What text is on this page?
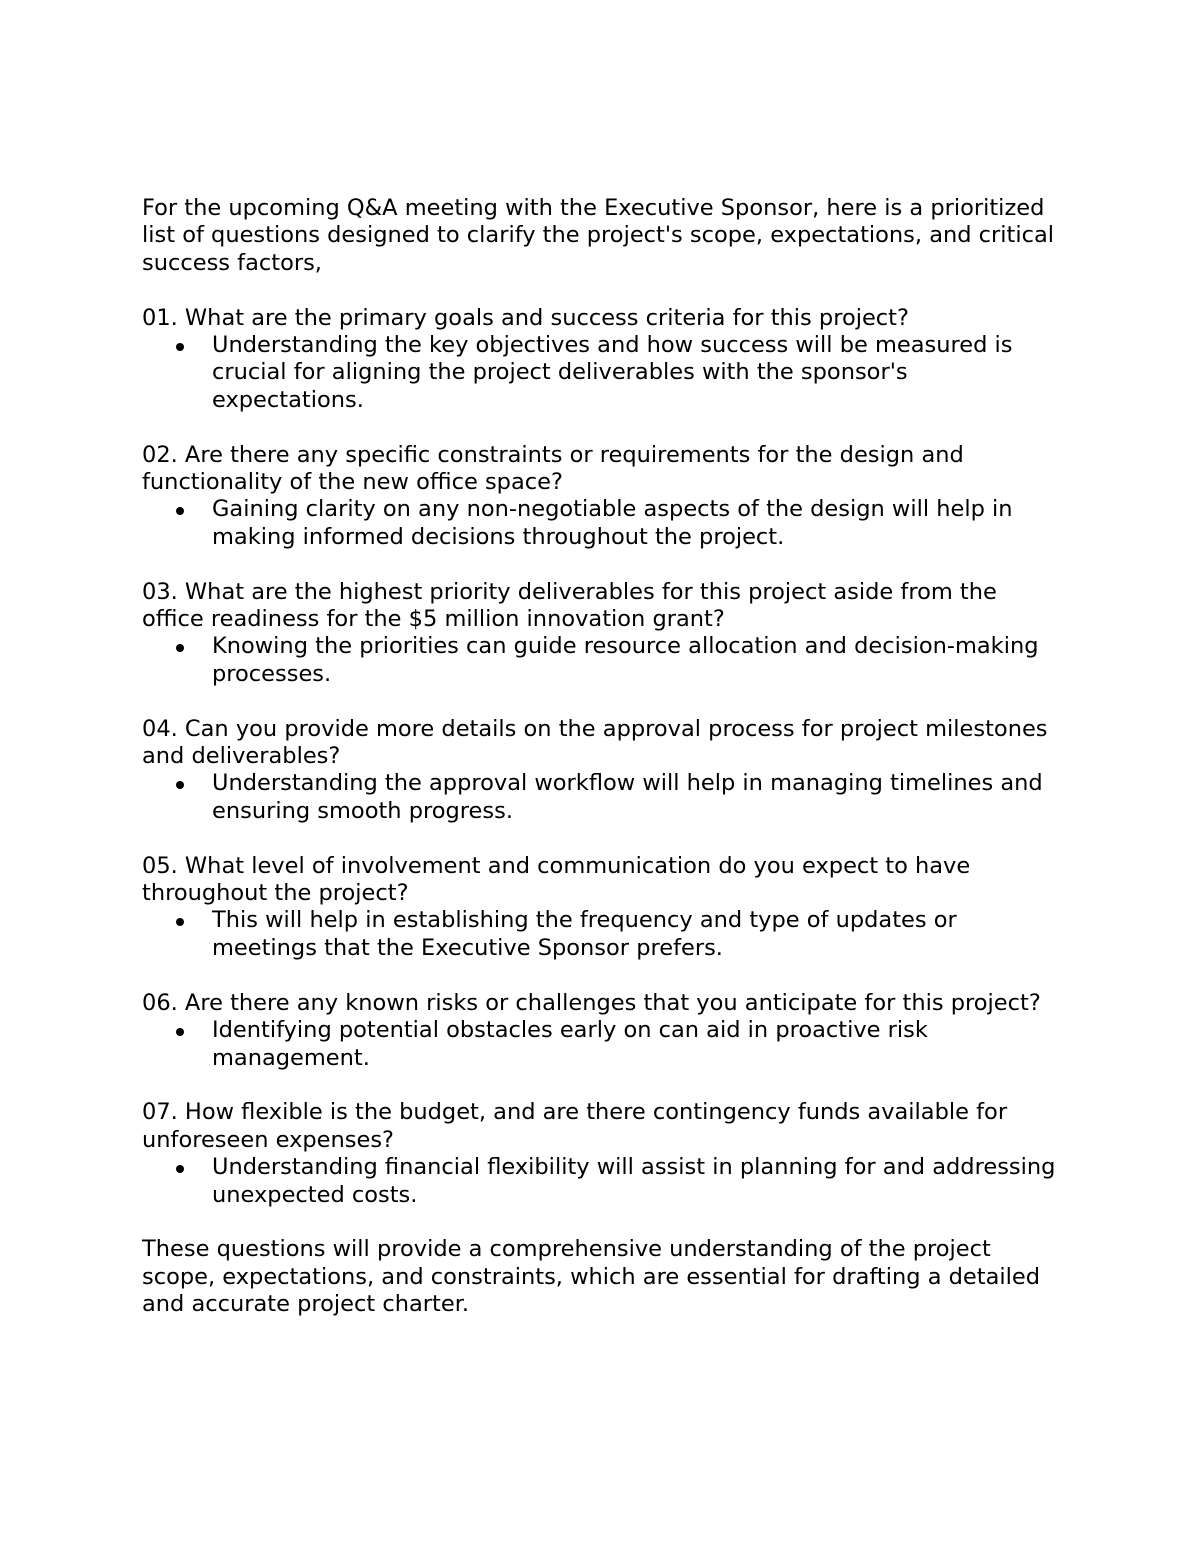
For the upcoming Q&A meeting with the Executive Sponsor, here is a prioritized list of questions designed to clarify the project's scope, expectations, and critical success factors,

01. What are the primary goals and success criteria for this project?

Understanding the key objectives and how success will be measured is crucial for aligning the project deliverables with the sponsor's expectations.

02. Are there any specific constraints or requirements for the design and functionality of the new office space?

Gaining clarity on any non-negotiable aspects of the design will help in making informed decisions throughout the project.

03. What are the highest priority deliverables for this project aside from the office readiness for the $5 million innovation grant?

Knowing the priorities can guide resource allocation and decision-making processes.

04. Can you provide more details on the approval process for project milestones and deliverables?

Understanding the approval workflow will help in managing timelines and ensuring smooth progress.

05. What level of involvement and communication do you expect to have throughout the project?

This will help in establishing the frequency and type of updates or meetings that the Executive Sponsor prefers.

06. Are there any known risks or challenges that you anticipate for this project?

Identifying potential obstacles early on can aid in proactive risk management.

07. How flexible is the budget, and are there contingency funds available for unforeseen expenses?

Understanding financial flexibility will assist in planning for and addressing unexpected costs.

These questions will provide a comprehensive understanding of the project scope, expectations, and constraints, which are essential for drafting a detailed and accurate project charter.
